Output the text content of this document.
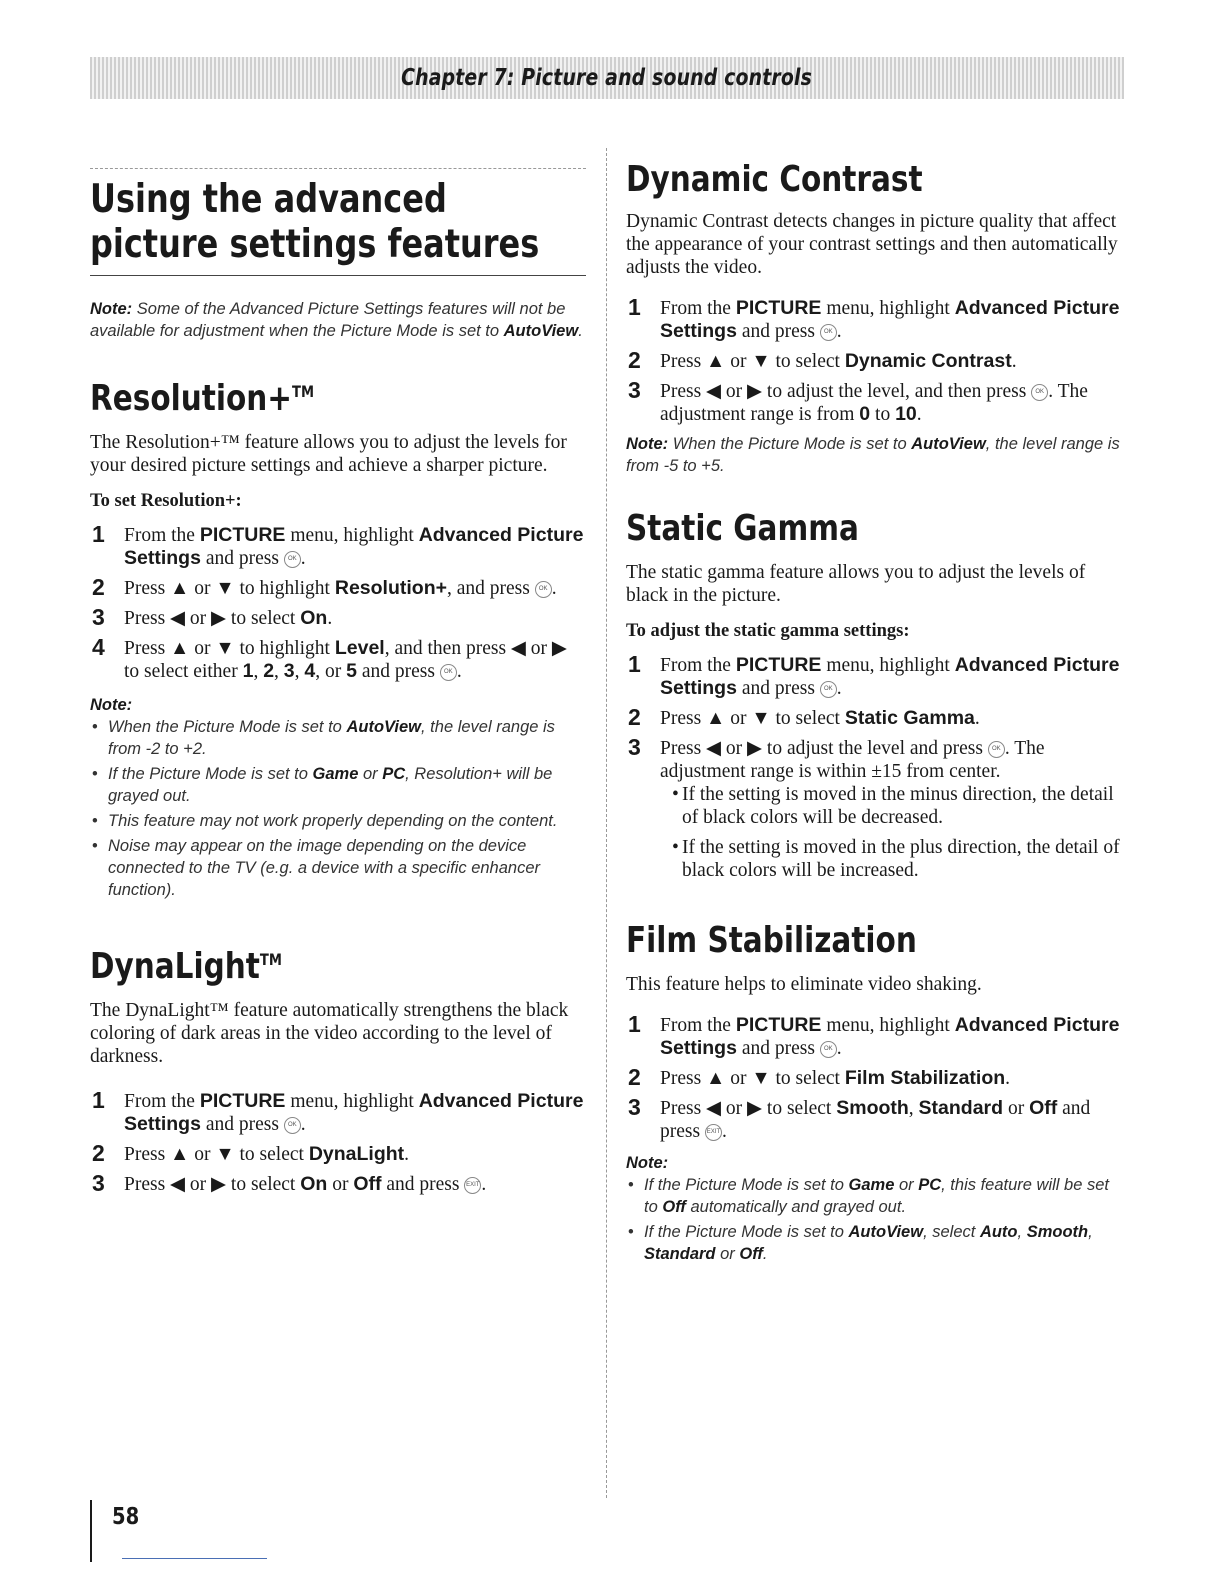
Chapter 7: Picture and sound controls
Using the advanced picture settings features

Note: Some of the Advanced Picture Settings features will not be available for adjustment when the Picture Mode is set to AutoView.

Resolution+™

The Resolution+™ feature allows you to adjust the levels for your desired picture settings and achieve a sharper picture.

To set Resolution+:

1 From the PICTURE menu, highlight Advanced Picture Settings and press OK .
2 Press ▲ or ▼ to highlight Resolution+, and press OK .
3 Press ◀ or ▶ to select On.
4 Press ▲ or ▼ to highlight Level, and then press ◀ or ▶ to select either 1, 2, 3, 4, or 5 and press OK .
Note:
• When the Picture Mode is set to AutoView, the level range is from -2 to +2.
• If the Picture Mode is set to Game or PC, Resolution+ will be grayed out.
• This feature may not work properly depending on the content.
• Noise may appear on the image depending on the device connected to the TV (e.g. a device with a specific enhancer function).
DynaLight™

The DynaLight™ feature automatically strengthens the black coloring of dark areas in the video according to the level of darkness.

1 From the PICTURE menu, highlight Advanced Picture Settings and press OK .
2 Press ▲ or ▼ to select DynaLight.
3 Press ◀ or ▶ to select On or Off and press EXIT.
Dynamic Contrast

Dynamic Contrast detects changes in picture quality that affect the appearance of your contrast settings and then automatically adjusts the video.

1 From the PICTURE menu, highlight Advanced Picture Settings and press OK .
2 Press ▲ or ▼ to select Dynamic Contrast.
3 Press ◀ or ▶ to adjust the level, and then press OK . The adjustment range is from 0 to 10.

Note: When the Picture Mode is set to AutoView, the level range is from -5 to +5.

Static Gamma

The static gamma feature allows you to adjust the levels of black in the picture.

To adjust the static gamma settings:

1 From the PICTURE menu, highlight Advanced Picture Settings and press OK .
2 Press ▲ or ▼ to select Static Gamma.
3 Press ◀ or ▶ to adjust the level and press OK . The adjustment range is within ±15 from center.
• If the setting is moved in the minus direction, the detail of black colors will be decreased.
• If the setting is moved in the plus direction, the detail of black colors will be increased.
Film Stabilization

This feature helps to eliminate video shaking.

1 From the PICTURE menu, highlight Advanced Picture Settings and press OK .
2 Press ▲ or ▼ to select Film Stabilization.
3 Press ◀ or ▶ to select Smooth, Standard or Off and press EXIT.
Note:
• If the Picture Mode is set to Game or PC, this feature will be set to Off automatically and grayed out.
• If the Picture Mode is set to AutoView, select Auto, Smooth, Standard or Off.
58
